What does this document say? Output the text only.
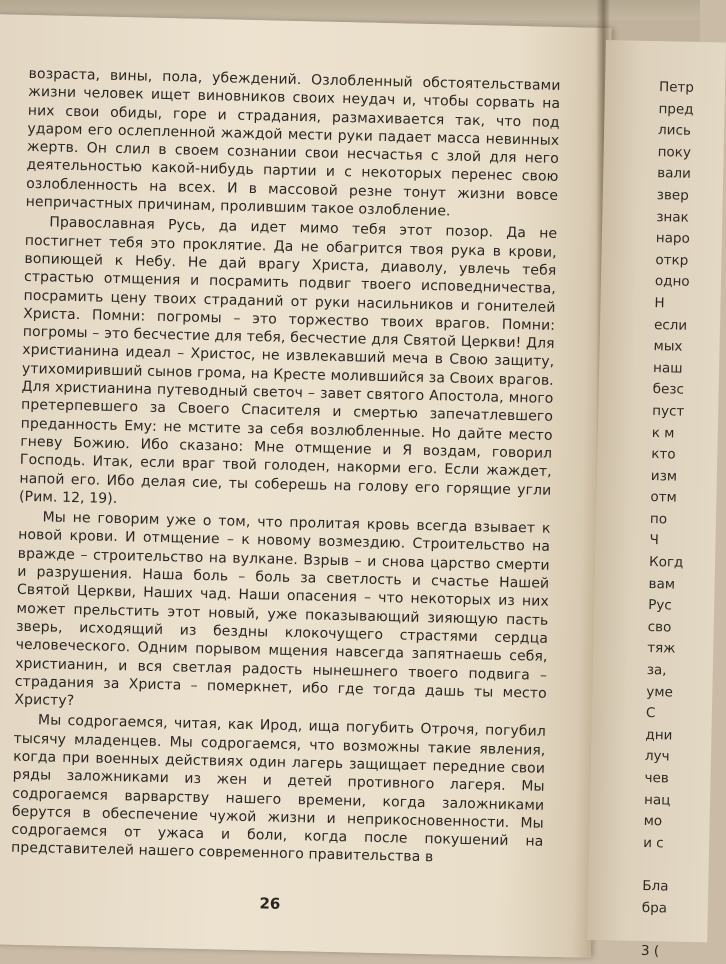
возраста, вины, пола, убеждений. Озлобленный обстоятельствами жизни человек ищет виновников своих неудач и, чтобы сорвать на них свои обиды, горе и страдания, размахивается так, что под ударом его ослепленной жаждой мести руки падает масса невинных жертв. Он слил в своем сознании свои несчастья с злой для него деятельностью какой-нибудь партии и с некоторых перенес свою озлобленность на всех. И в массовой резне тонут жизни вовсе непричастных причинам, пролившим такое озлобление.

Православная Русь, да идет мимо тебя этот позор. Да не постигнет тебя это проклятие. Да не обагрится твоя рука в крови, вопиющей к Небу. Не дай врагу Христа, диаволу, увлечь тебя страстью отмщения и посрамить подвиг твоего исповедничества, посрамить цену твоих страданий от руки насильников и гонителей Христа. Помни: погромы – это торжество твоих врагов. Помни: погромы – это бесчестие для тебя, бесчестие для Святой Церкви! Для христианина идеал – Христос, не извлекавший меча в Свою защиту, утихомиривший сынов грома, на Кресте молившийся за Своих врагов. Для христианина путеводный светоч – завет святого Апостола, много претерпевшего за Своего Спасителя и смертью запечатлевшего преданность Ему: не мстите за себя возлюбленные. Но дайте место гневу Божию. Ибо сказано: Мне отмщение и Я воздам, говорил Господь. Итак, если враг твой голоден, накорми его. Если жаждет, напой его. Ибо делая сие, ты соберешь на голову его горящие угли (Рим. 12, 19).

Мы не говорим уже о том, что пролитая кровь всегда взывает к новой крови. И отмщение – к новому возмездию. Строительство на вражде – строительство на вулкане. Взрыв – и снова царство смерти и разрушения. Наша боль – боль за светлость и счастье Нашей Святой Церкви, Наших чад. Наши опасения – что некоторых из них может прельстить этот новый, уже показывающий зияющую пасть зверь, исходящий из бездны клокочущего страстями сердца человеческого. Одним порывом мщения навсегда запятнаешь себя, христианин, и вся светлая радость нынешнего твоего подвига – страдания за Христа – померкнет, ибо где тогда дашь ты место Христу?

Мы содрогаемся, читая, как Ирод, ища погубить Отрочя, погубил тысячу младенцев. Мы содрогаемся, что возможны такие явления, когда при военных действиях один лагерь защищает передние свои ряды заложниками из жен и детей противного лагеря. Мы содрогаемся варварству нашего времени, когда заложниками берутся в обеспечение чужой жизни и неприкосновенности. Мы содрогаемся от ужаса и боли, когда после покушений на представителей нашего современного правительства в

26
Петр
пред
лись
поку
вали
звер
знак
наро
откр
одно
Н
если
мых
наш
безс
пуст
к м
кто
изм
отм
по
Ч
Когд
вам
Рус
сво
тяж
за,
уме
С
дни
луч
чев
нац
мо
и с
Бла
бра
3 (
